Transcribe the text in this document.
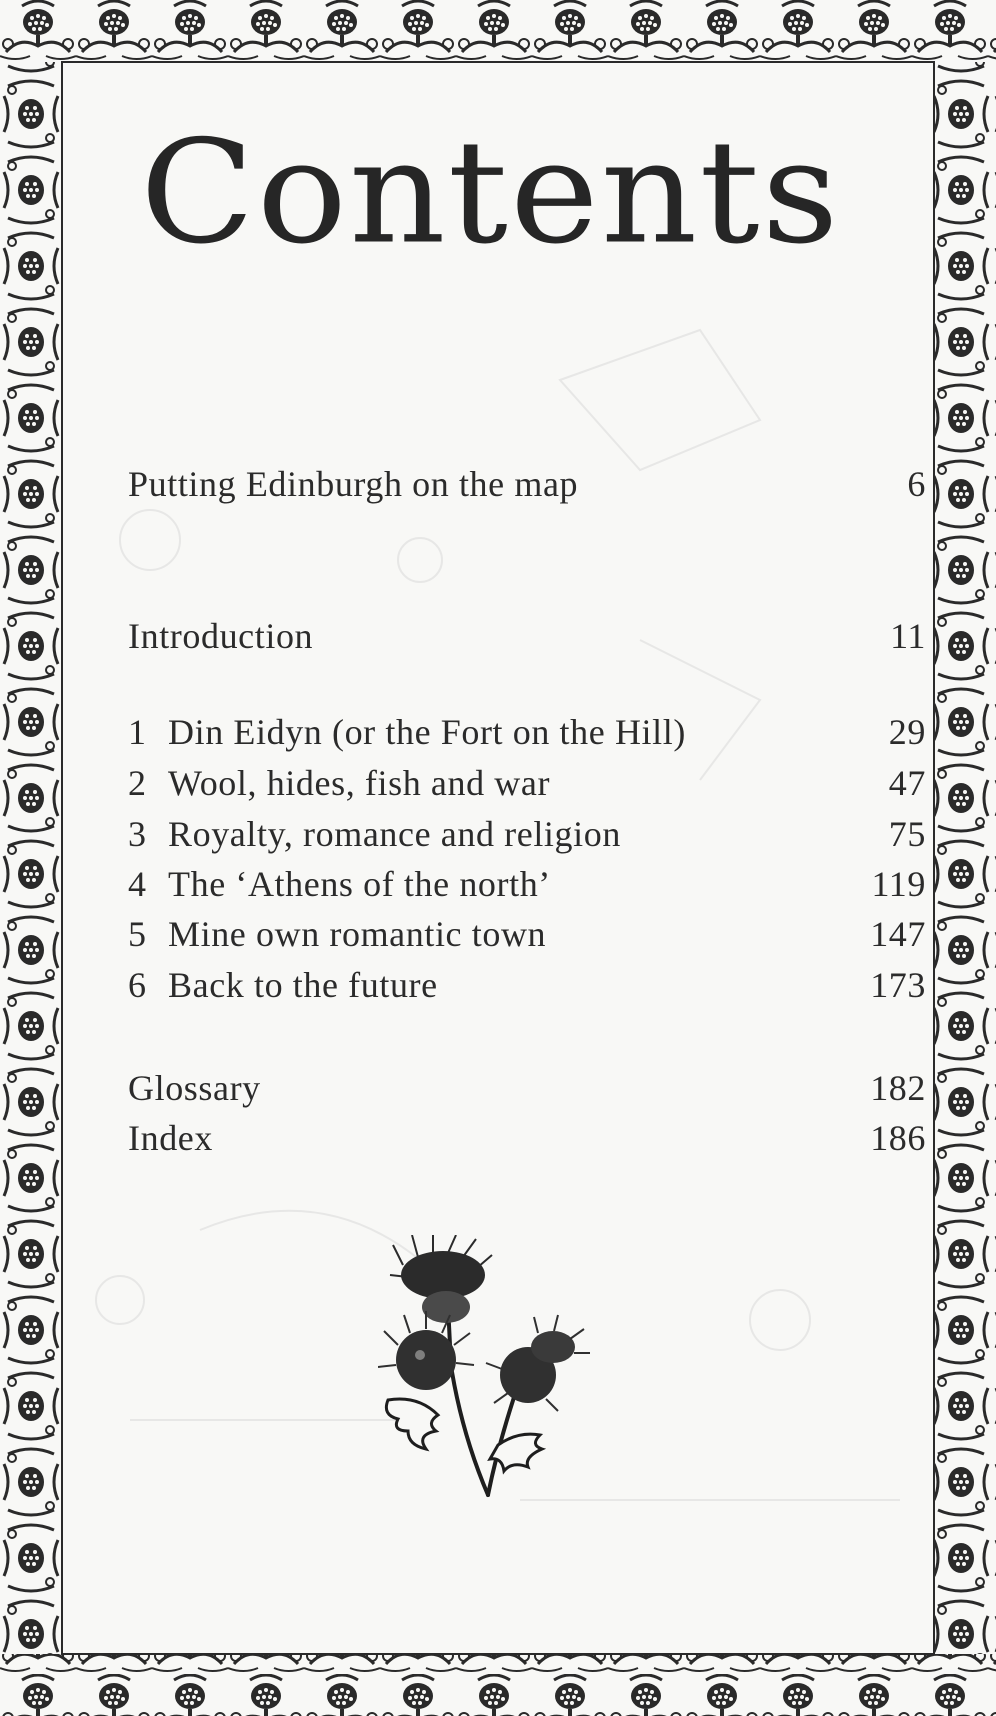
Contents
Putting Edinburgh on the map	6
Introduction	11
1 Din Eidyn (or the Fort on the Hill)	29
2 Wool, hides, fish and war	47
3 Royalty, romance and religion	75
4 The ‘Athens of the north’	119
5 Mine own romantic town	147
6 Back to the future	173
Glossary	182
Index	186
